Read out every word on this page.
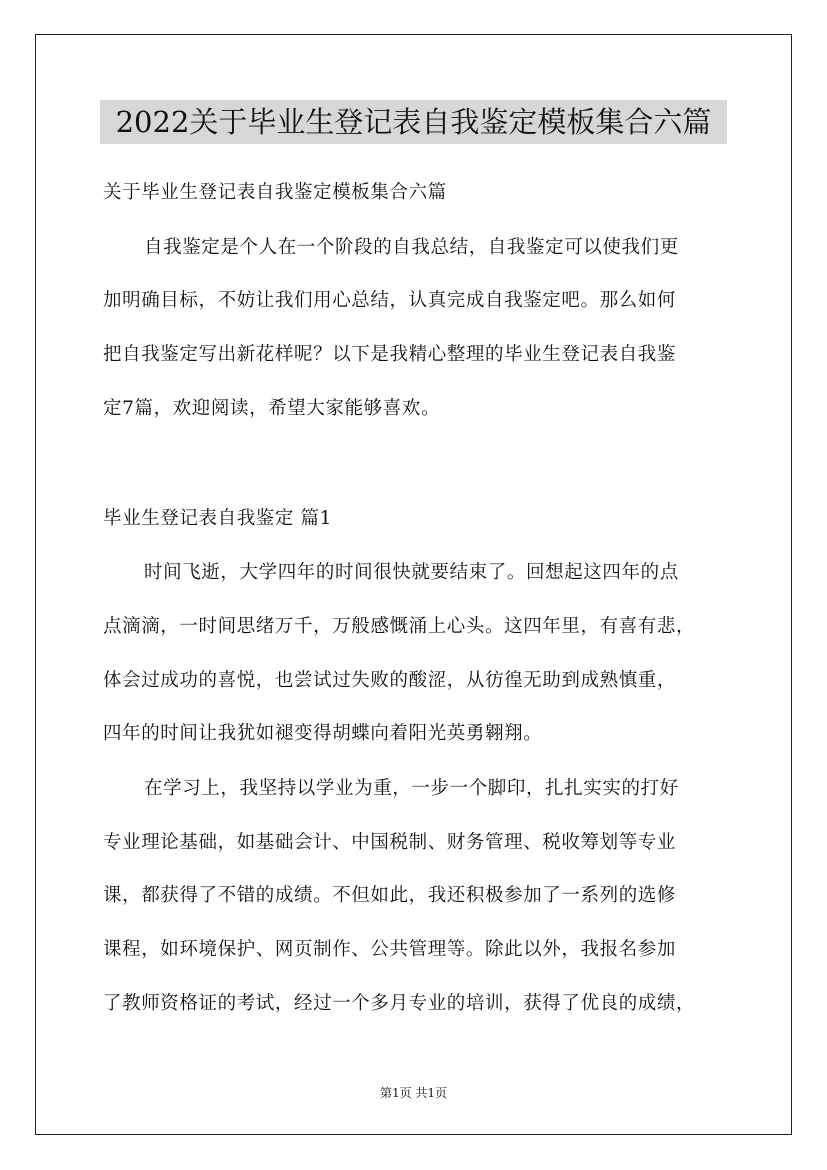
2022关于毕业生登记表自我鉴定模板集合六篇
关于毕业生登记表自我鉴定模板集合六篇
自我鉴定是个人在一个阶段的自我总结，自我鉴定可以使我们更
加明确目标，不妨让我们用心总结，认真完成自我鉴定吧。那么如何
把自我鉴定写出新花样呢？以下是我精心整理的毕业生登记表自我鉴
定7篇，欢迎阅读，希望大家能够喜欢。
毕业生登记表自我鉴定 篇1
时间飞逝，大学四年的时间很快就要结束了。回想起这四年的点
点滴滴，一时间思绪万千，万般感慨涌上心头。这四年里，有喜有悲，
体会过成功的喜悦，也尝试过失败的酸涩，从彷徨无助到成熟慎重，
四年的时间让我犹如褪变得胡蝶向着阳光英勇翱翔。
在学习上，我坚持以学业为重，一步一个脚印，扎扎实实的打好
专业理论基础，如基础会计、中国税制、财务管理、税收筹划等专业
课，都获得了不错的成绩。不但如此，我还积极参加了一系列的选修
课程，如环境保护、网页制作、公共管理等。除此以外，我报名参加
了教师资格证的考试，经过一个多月专业的培训，获得了优良的成绩，
第1页 共1页
